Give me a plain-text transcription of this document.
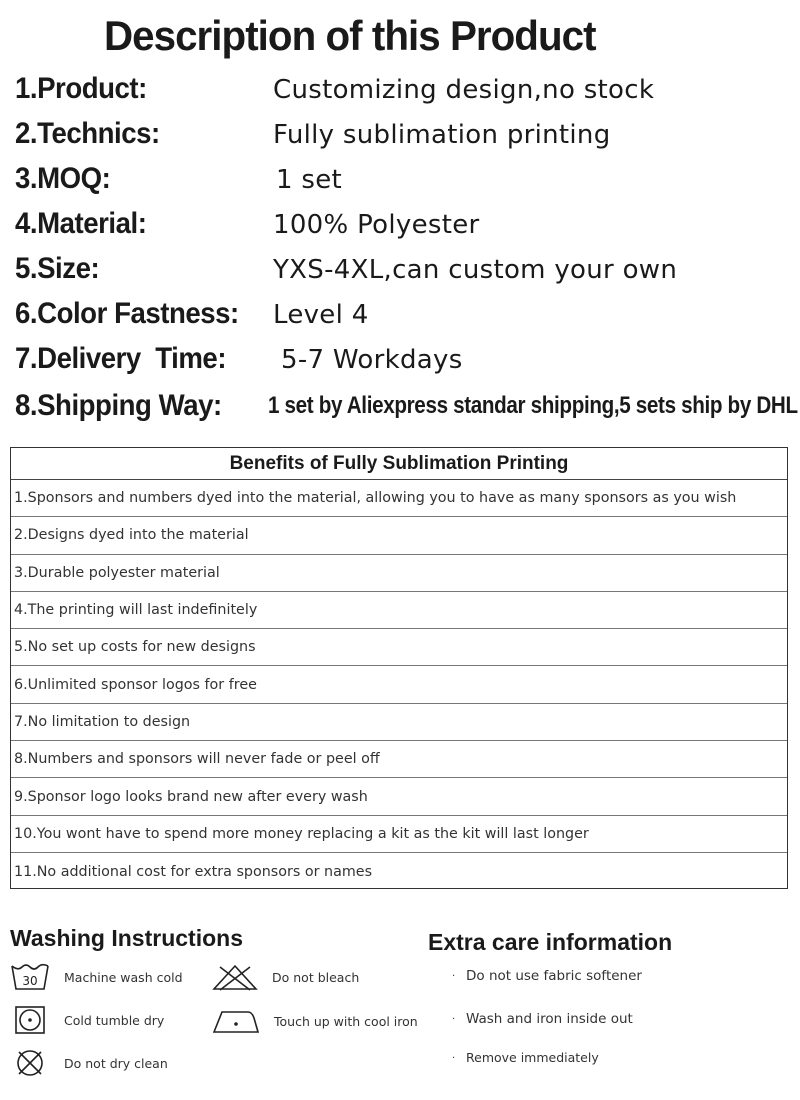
Description of this Product
1.Product:	Customizing design,no stock
2.Technics:	Fully sublimation printing
3.MOQ:	1 set
4.Material:	100% Polyester
5.Size:	YXS-4XL,can custom your own
6.Color Fastness: Level 4
7.Delivery  Time: 5-7 Workdays
8.Shipping Way: 1 set by Aliexpress standar shipping,5 sets ship by DHL
Benefits of Fully Sublimation Printing
1.Sponsors and numbers dyed into the material, allowing you to have as many sponsors as you wish
2.Designs dyed into the material
3.Durable polyester material
4.The printing will last indefinitely
5.No set up costs for new designs
6.Unlimited sponsor logos for free
7.No limitation to design
8.Numbers and sponsors will never fade or peel off
9.Sponsor logo looks brand new after every wash
10.You wont have to spend more money replacing a kit as the kit will last longer
11.No additional cost for extra sponsors or names
Washing Instructions
30 Machine wash cold	Do not bleach
Cold tumble dry	Touch up with cool iron
Do not dry clean
Extra care information
· Do not use fabric softener
· Wash and iron inside out
· Remove immediately
